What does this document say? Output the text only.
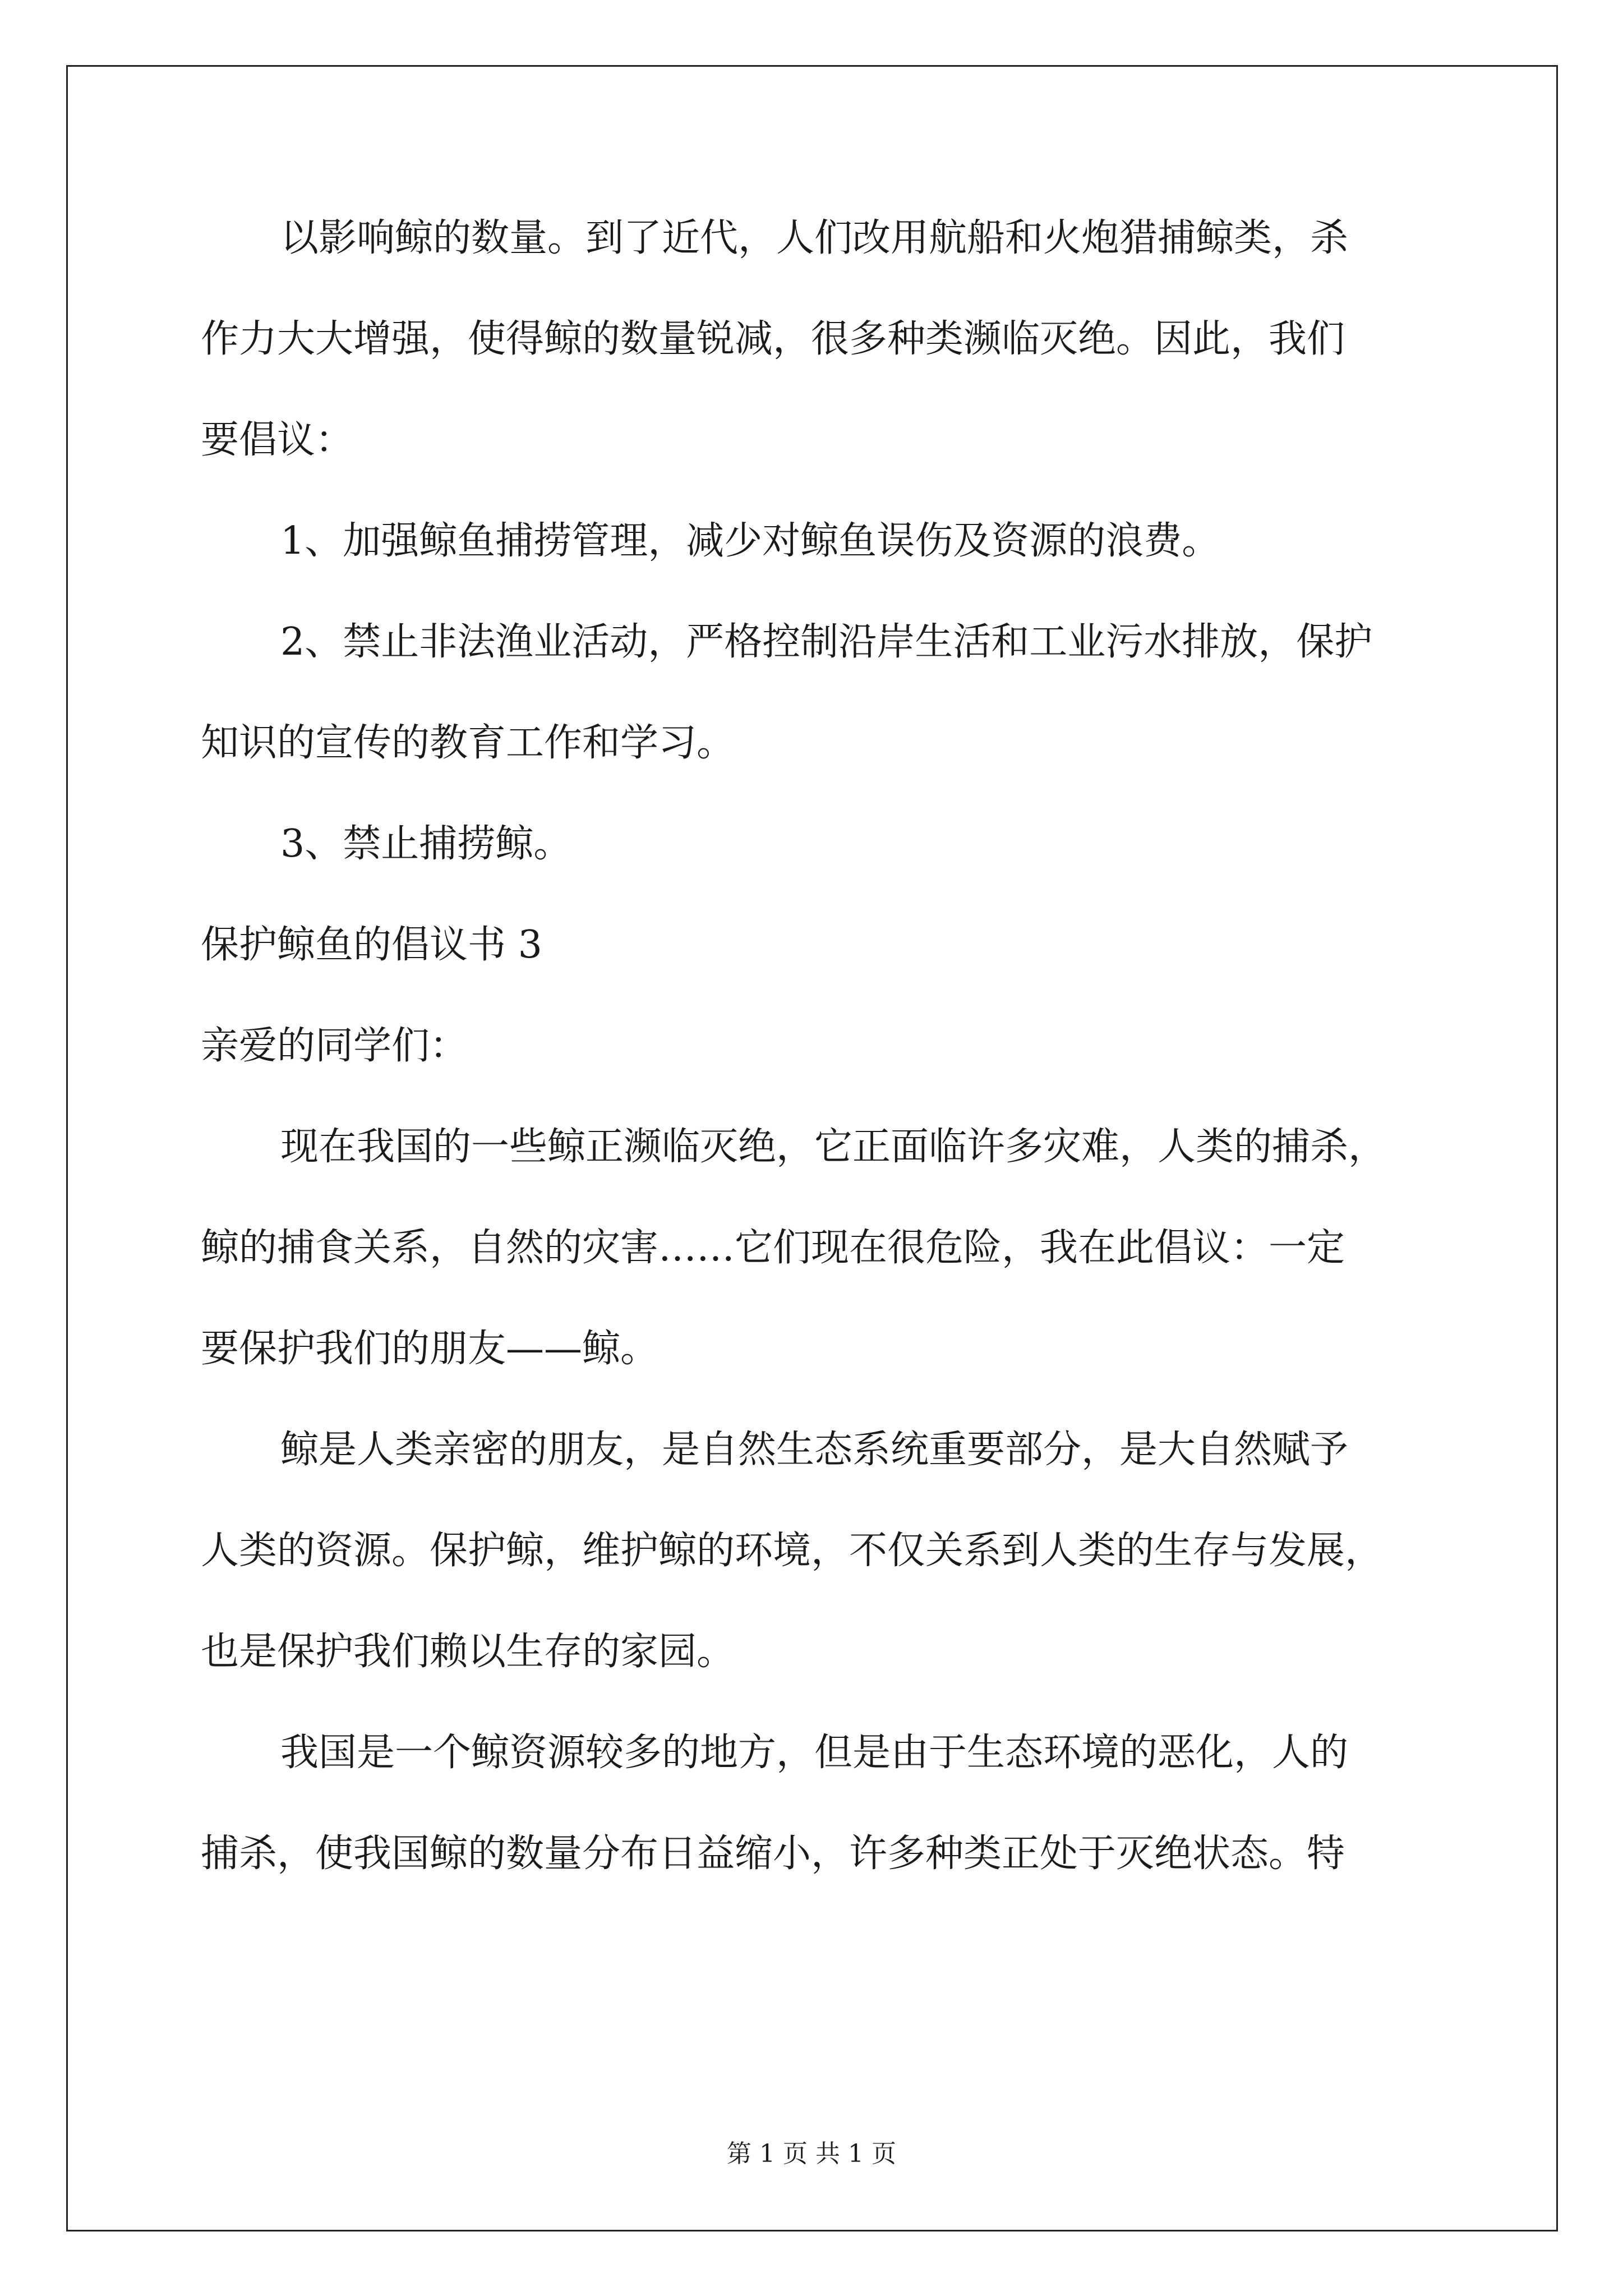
以影响鲸的数量。到了近代，人们改用航船和火炮猎捕鲸类，杀
作力大大增强，使得鲸的数量锐减，很多种类濒临灭绝。因此，我们
要倡议：
1、加强鲸鱼捕捞管理，减少对鲸鱼误伤及资源的浪费。
2、禁止非法渔业活动，严格控制沿岸生活和工业污水排放，保护
知识的宣传的教育工作和学习。
3、禁止捕捞鲸。
保护鲸鱼的倡议书 3
亲爱的同学们：
现在我国的一些鲸正濒临灭绝，它正面临许多灾难，人类的捕杀，
鲸的捕食关系，自然的灾害……它们现在很危险，我在此倡议：一定
要保护我们的朋友——鲸。
鲸是人类亲密的朋友，是自然生态系统重要部分，是大自然赋予
人类的资源。保护鲸，维护鲸的环境，不仅关系到人类的生存与发展，
也是保护我们赖以生存的家园。
我国是一个鲸资源较多的地方，但是由于生态环境的恶化，人的
捕杀，使我国鲸的数量分布日益缩小，许多种类正处于灭绝状态。特
第 1 页 共 1 页
